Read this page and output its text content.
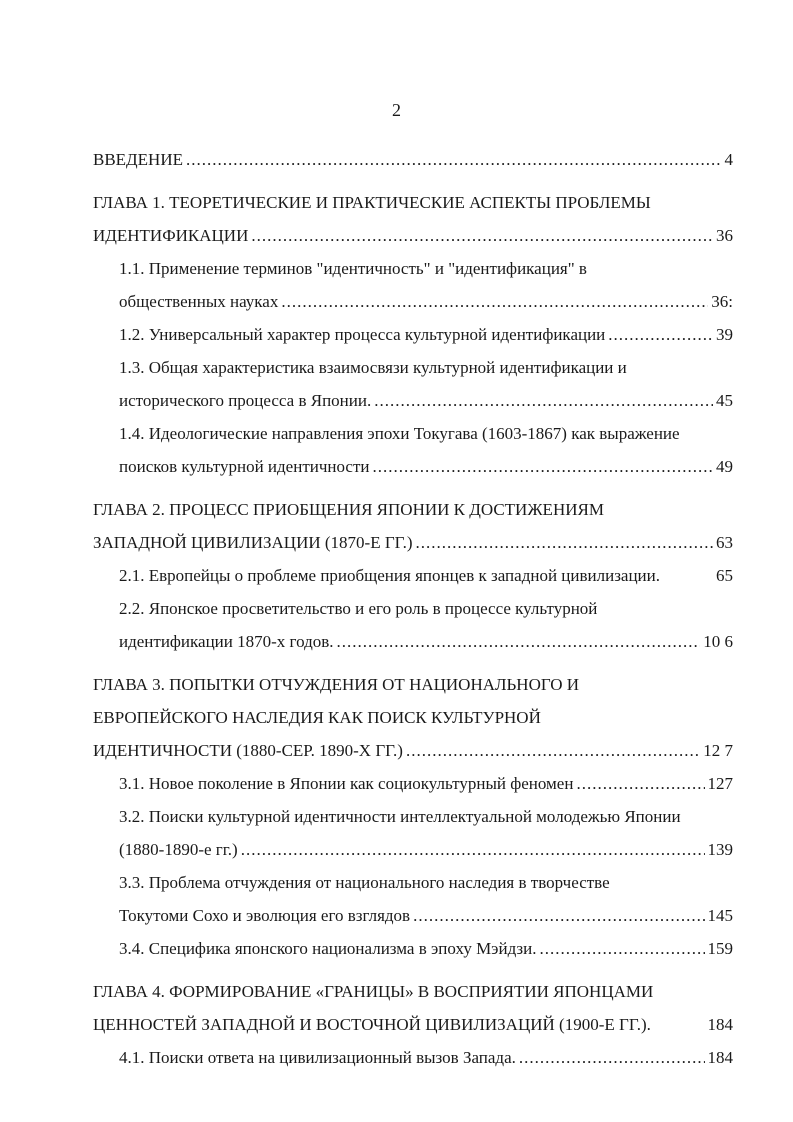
2
ВВЕДЕНИЕ .....	4
ГЛАВА 1. ТЕОРЕТИЧЕСКИЕ И ПРАКТИЧЕСКИЕ АСПЕКТЫ ПРОБЛЕМЫ
ИДЕНТИФИКАЦИИ .....	36
1.1. Применение терминов "идентичность" и "идентификация" в
общественных науках .....	36:
1.2. Универсальный характер процесса культурной идентификации .....	39
1.3. Общая характеристика взаимосвязи культурной идентификации и
исторического процесса в Японии. .....	45
1.4. Идеологические направления эпохи Токугава (1603-1867) как выражение
поисков культурной идентичности .....	49
ГЛАВА 2. ПРОЦЕСС ПРИОБЩЕНИЯ ЯПОНИИ К ДОСТИЖЕНИЯМ
ЗАПАДНОЙ ЦИВИЛИЗАЦИИ (1870-Е ГГ.) .....	63
2.1. Европейцы о проблеме приобщения японцев к западной цивилизации.	65
2.2. Японское просветительство и его роль в процессе культурной
идентификации 1870-х годов. .....	10 6
ГЛАВА 3. ПОПЫТКИ ОТЧУЖДЕНИЯ ОТ НАЦИОНАЛЬНОГО И
ЕВРОПЕЙСКОГО НАСЛЕДИЯ КАК ПОИСК КУЛЬТУРНОЙ
ИДЕНТИЧНОСТИ (1880-СЕР. 1890-Х ГГ.) .....	12 7
3.1. Новое поколение в Японии как социокультурный феномен .....	127
3.2. Поиски культурной идентичности интеллектуальной молодежью Японии
(1880-1890-е гг.) .....	139
3.3. Проблема отчуждения от национального наследия в творчестве
Токутоми Сохо и эволюция его взглядов .....	145
3.4. Специфика японского национализма в эпоху Мэйдзи. .....	159
ГЛАВА 4. ФОРМИРОВАНИЕ «ГРАНИЦЫ» В ВОСПРИЯТИИ ЯПОНЦАМИ
ЦЕННОСТЕЙ ЗАПАДНОЙ И ВОСТОЧНОЙ ЦИВИЛИЗАЦИЙ (1900-Е ГГ.).	184
4.1. Поиски ответа на цивилизационный вызов Запада. .....	184
